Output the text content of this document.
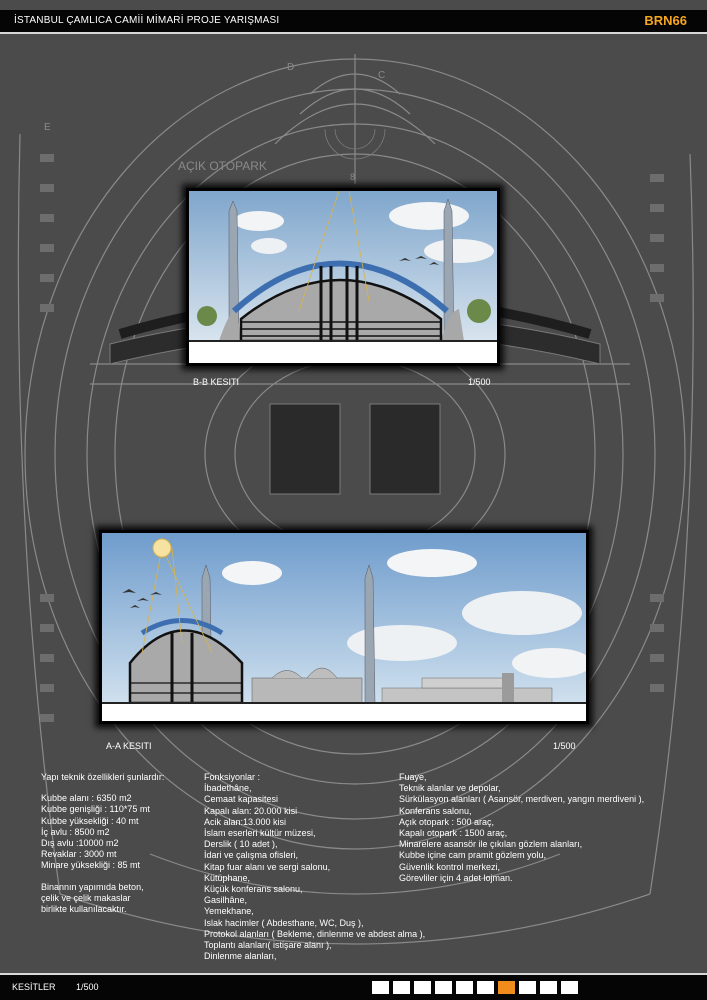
İSTANBUL ÇAMLICA CAMİİ MİMARİ PROJE YARIŞMASI	BRN66
AÇIK OTOPARK
E
D
C
8
B-B KESITI	1/500
A-A KESITI	1/500
Yapı teknik özellikleri şunlardır:
Kubbe alanı : 6350 m2
Kubbe genişliği : 110*75 mt
Kubbe yüksekliği : 40 mt
İç avlu : 8500 m2
Dış avlu :10000 m2
Revaklar : 3000 mt
Minare yüksekliği : 85 mt
Binannın yapımıda beton,
çelik ve çelik makaslar
birlikte kullanılacaktır.
Fonksiyonlar :
İbadethâne,
Cemaat kapasitesi
Kapalı alan: 20.000 kisi
Acik alan:13.000 kisi
İslam eserleri kültür müzesi,
Derslik ( 10 adet ),
İdari ve çalışma ofisleri,
Kitap fuar alanı ve sergi salonu,
Kütüphane,
Küçük konferans salonu,
Gasilhâne,
Yemekhane,
Islak hacimler ( Abdesthane, WC, Duş ),
Protokol alanları ( Bekleme, dinlenme ve abdest alma ),
Toplantı alanları( istişare alanı ),
Dinlenme alanları,
Fuaye,
Teknik alanlar ve depolar,
Sürkülasyon alanları ( Asansör, merdiven, yangın merdiveni ),
Konferans salonu,
Açık otopark : 500 araç,
Kapalı otopark : 1500 araç,
Minarelere asansör ile çıkılan gözlem alanları,
Kubbe içine cam pramit gözlem yolu,
Güvenlik kontrol merkezi,
Görevliler için 4 adet lojman.
KESİTLER 1/500
